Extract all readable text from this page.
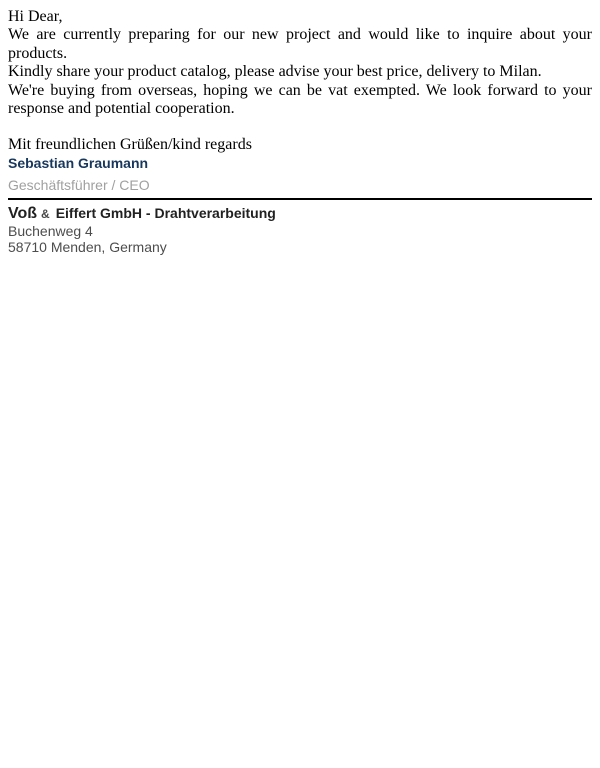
Hi Dear,
We are currently preparing for our new project and would like to inquire about your products.
Kindly share your product catalog, please advise your best price, delivery to Milan.
We're buying from overseas, hoping we can be vat exempted. We look forward to your response and potential cooperation.
Mit freundlichen Grüßen/kind regards
Sebastian Graumann
Geschäftsführer / CEO
Voß & Eiffert GmbH - Drahtverarbeitung
Buchenweg 4
58710 Menden, Germany
